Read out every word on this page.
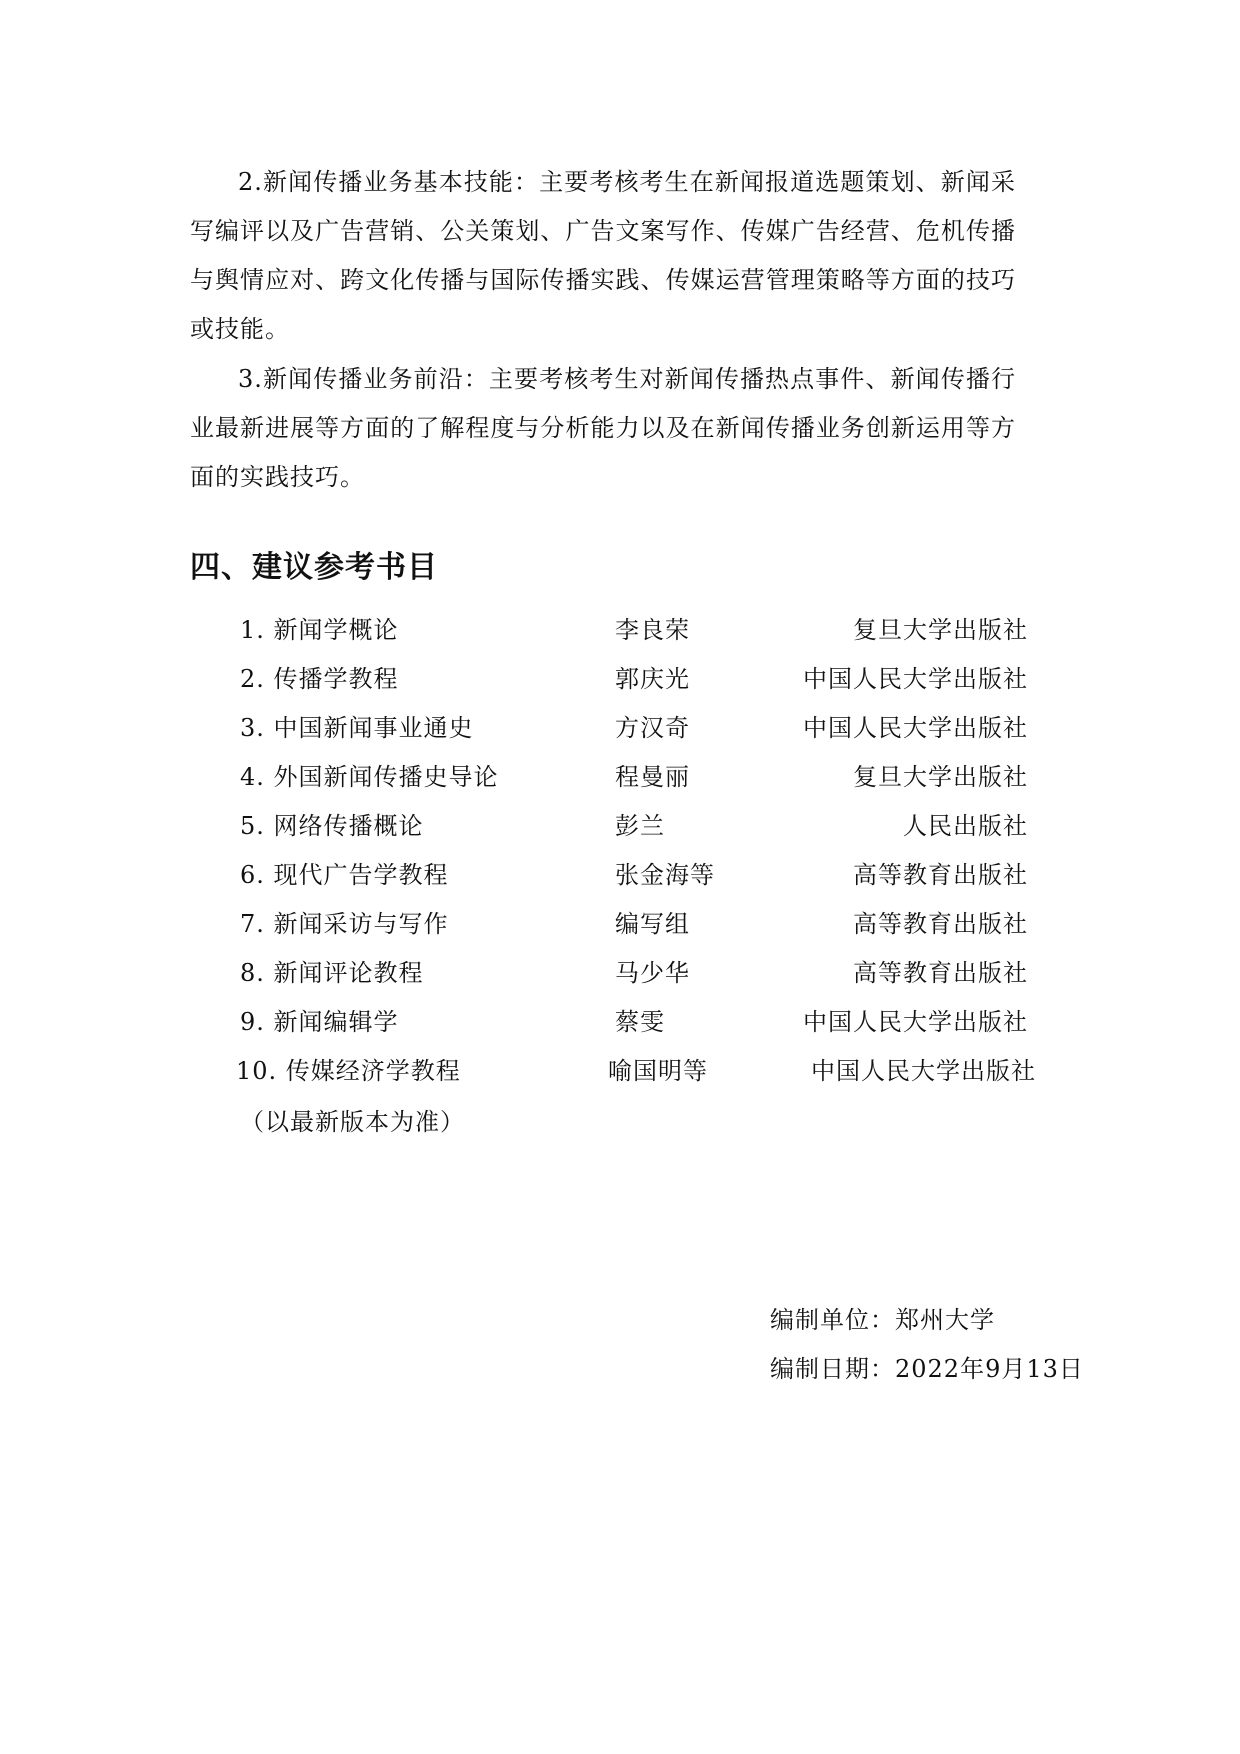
2.新闻传播业务基本技能：主要考核考生在新闻报道选题策划、新闻采写编评以及广告营销、公关策划、广告文案写作、传媒广告经营、危机传播与舆情应对、跨文化传播与国际传播实践、传媒运营管理策略等方面的技巧或技能。

3.新闻传播业务前沿：主要考核考生对新闻传播热点事件、新闻传播行业最新进展等方面的了解程度与分析能力以及在新闻传播业务创新运用等方面的实践技巧。

四、建议参考书目
1. 新闻学概论	李良荣	复旦大学出版社
2. 传播学教程	郭庆光	中国人民大学出版社
3. 中国新闻事业通史	方汉奇	中国人民大学出版社
4. 外国新闻传播史导论	程曼丽	复旦大学出版社
5. 网络传播概论	彭兰	人民出版社
6. 现代广告学教程	张金海等	高等教育出版社
7. 新闻采访与写作	编写组	高等教育出版社
8. 新闻评论教程	马少华	高等教育出版社
9. 新闻编辑学	蔡雯	中国人民大学出版社
10. 传媒经济学教程	喻国明等	中国人民大学出版社
（以最新版本为准）
编制单位：郑州大学
编制日期：2022年9月13日
